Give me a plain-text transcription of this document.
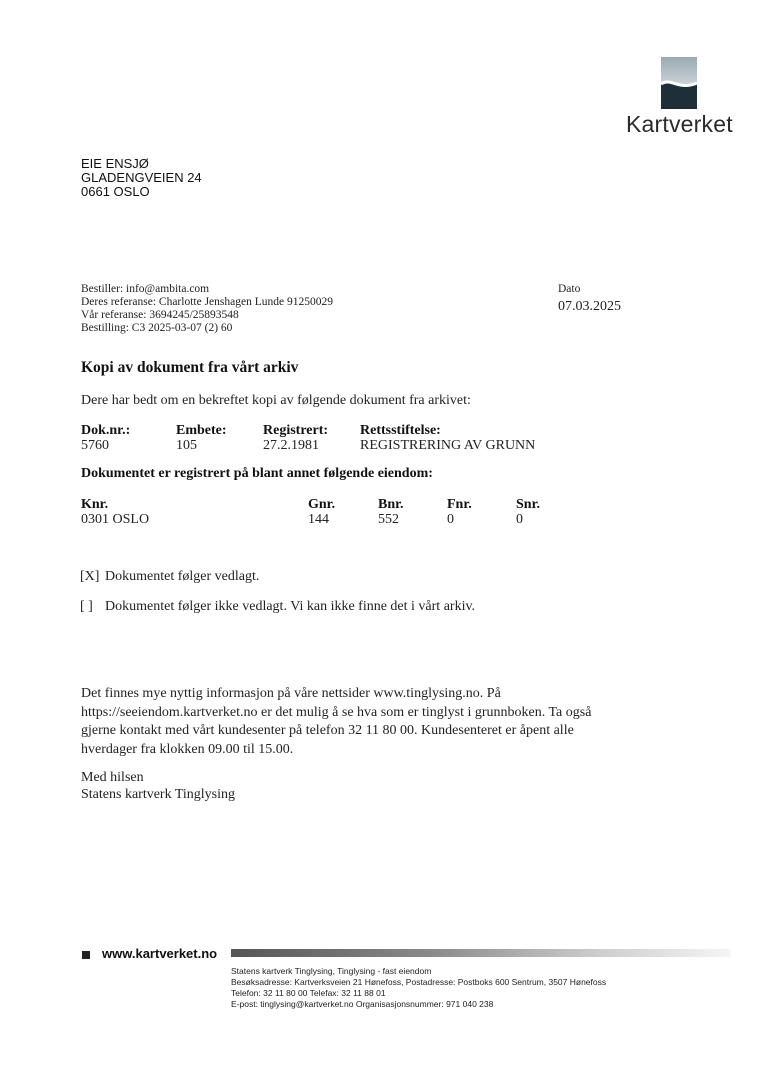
Kartverket
EIE ENSJØ
GLADENGVEIEN 24
0661 OSLO
Bestiller: info@ambita.com
Deres referanse: Charlotte Jenshagen Lunde 91250029
Vår referanse: 3694245/25893548
Bestilling: C3 2025-03-07 (2) 60
Dato
07.03.2025
Kopi av dokument fra vårt arkiv
Dere har bedt om en bekreftet kopi av følgende dokument fra arkivet:
Dok.nr.:	Embete:	Registrert: Rettsstiftelse:
5760	105	27.2.1981	REGISTRERING AV GRUNN
Dokumentet er registrert på blant annet følgende eiendom:
Knr.	Gnr.	Bnr.	Fnr.	Snr.
0301 OSLO	144	552	0	0
[X] Dokumentet følger vedlagt.
[ ] Dokumentet følger ikke vedlagt. Vi kan ikke finne det i vårt arkiv.
Det finnes mye nyttig informasjon på våre nettsider www.tinglysing.no. På
https://seeiendom.kartverket.no er det mulig å se hva som er tinglyst i grunnboken. Ta også
gjerne kontakt med vårt kundesenter på telefon 32 11 80 00. Kundesenteret er åpent alle
hverdager fra klokken 09.00 til 15.00.
Med hilsen
Statens kartverk Tinglysing
www.kartverket.no
Statens kartverk Tinglysing, Tinglysing - fast eiendom
Besøksadresse: Kartverksveien 21 Hønefoss, Postadresse: Postboks 600 Sentrum, 3507 Hønefoss
Telefon: 32 11 80 00 Telefax: 32 11 88 01
E-post: tinglysing@kartverket.no Organisasjonsnummer: 971 040 238
